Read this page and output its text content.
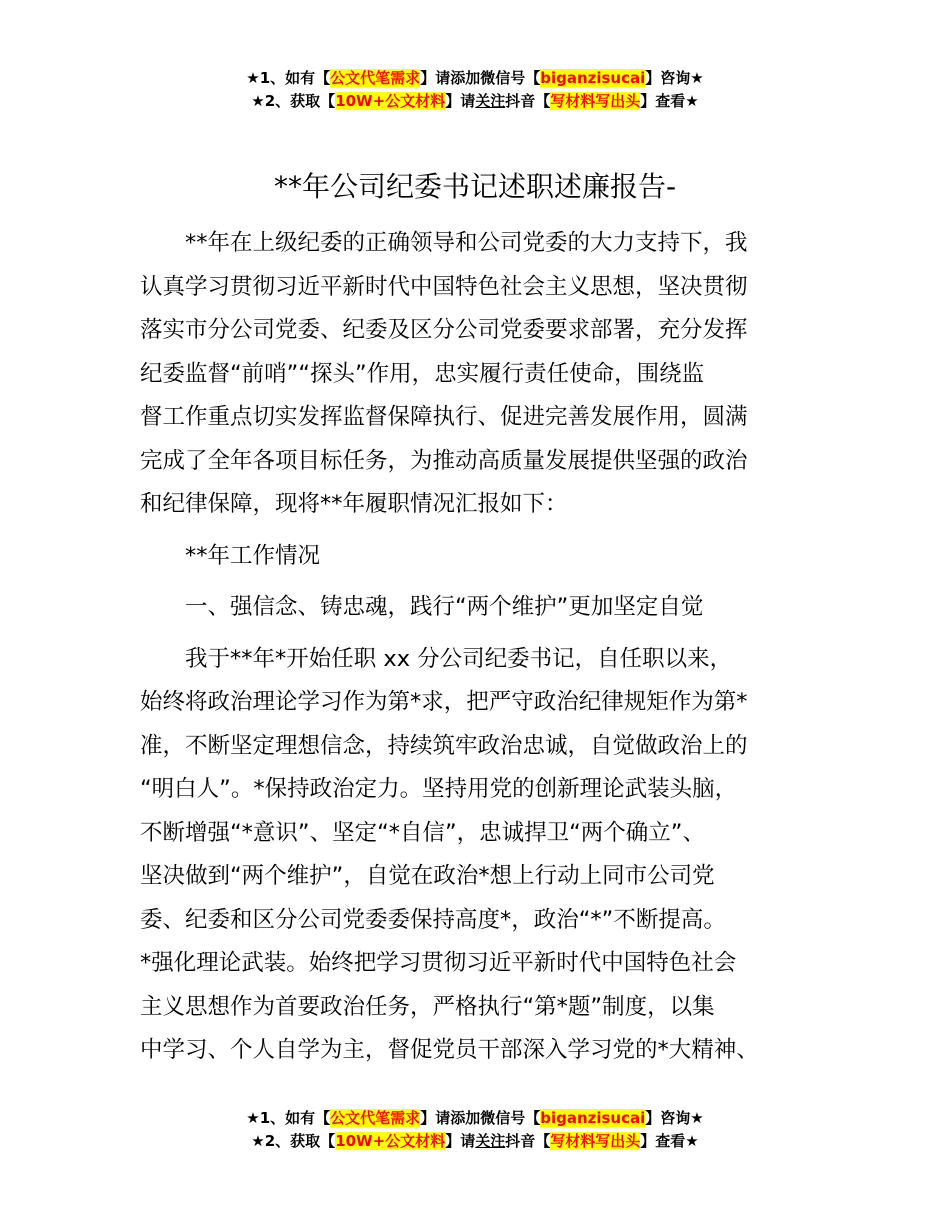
★1、如有【公文代笔需求】请添加微信号【biganzisucai】咨询★
★2、获取【10W+公文材料】请关注抖音【写材料写出头】查看★
**年公司纪委书记述职述廉报告-

**年在上级纪委的正确领导和公司党委的大力支持下，我
认真学习贯彻习近平新时代中国特色社会主义思想，坚决贯彻
落实市分公司党委、纪委及区分公司党委要求部署，充分发挥
纪委监督“前哨”“探头”作用，忠实履行责任使命，围绕监
督工作重点切实发挥监督保障执行、促进完善发展作用，圆满
完成了全年各项目标任务，为推动高质量发展提供坚强的政治
和纪律保障，现将**年履职情况汇报如下：

**年工作情况

一、强信念、铸忠魂，践行“两个维护”更加坚定自觉

我于**年*开始任职 xx 分公司纪委书记，自任职以来，
始终将政治理论学习作为第*求，把严守政治纪律规矩作为第*
准，不断坚定理想信念，持续筑牢政治忠诚，自觉做政治上的
“明白人”。*保持政治定力。坚持用党的创新理论武装头脑，
不断增强“*意识”、坚定“*自信”，忠诚捍卫“两个确立”、
坚决做到“两个维护”，自觉在政治*想上行动上同市公司党
委、纪委和区分公司党委委保持高度*，政治“*”不断提高。
*强化理论武装。始终把学习贯彻习近平新时代中国特色社会
主义思想作为首要政治任务，严格执行“第*题”制度，以集
中学习、个人自学为主，督促党员干部深入学习党的*大精神、

★1、如有【公文代笔需求】请添加微信号【biganzisucai】咨询★
★2、获取【10W+公文材料】请关注抖音【写材料写出头】查看★
